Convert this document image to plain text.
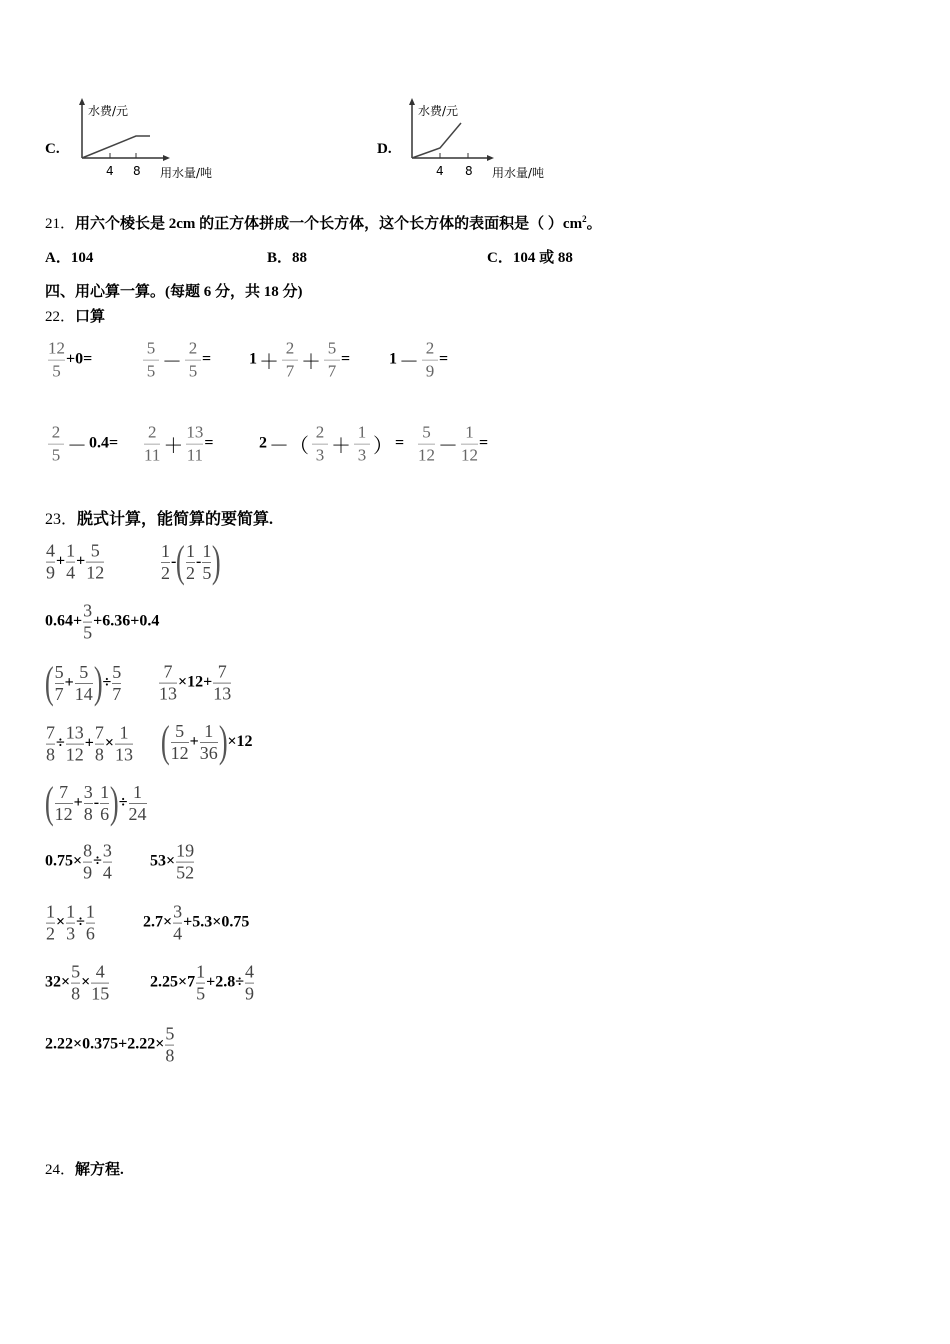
C.
水费/元
4 8 用水量/吨
D.
水费/元
4 8 用水量/吨
21．用六个棱长是 2cm 的正方体拼成一个长方体，这个长方体的表面积是（ ）$cm^2$。
A．104	B．88	C．104 或 88
四、用心算一算。(每题 6 分，共 18 分)
22．口算
23．脱式计算，能简算的要简算.
24．解方程.
$\frac{12}{5} +0=$	$\frac{5}{5} - \frac{2}{5} = 1 + \frac{2}{7} + \frac{5}{7} = 1 - \frac{2}{9}$ =
$\frac{2}{5} - 0.4= \frac{2}{11} + \frac{13}{11}$ =	2 －（ $\frac{2}{3} + \frac{1}{3}$ ） = $\frac{5}{12} - \frac{1}{12}$ =
$\frac{4}{9} + \frac{1}{4} + \frac{5}{12}$	$\frac{1}{2}$ - ( $\frac{1}{2} - \frac{1}{5}$ )
$0.64+ \frac{3}{5} +6.36+0.4$
( $\frac{5}{7} + \frac{5}{14}$ ) ÷ $\frac{5}{7} \frac{7}{13} \times 12+ \frac{7}{13}$
$\frac{7}{8} \div \frac{13}{12} + \frac{7}{8} \times \frac{1}{13}$ ( $\frac{5}{12} + \frac{1}{36}$ ) ×12
( $\frac{7}{12} + \frac{3}{8} - \frac{1}{6}$ ) ÷ $\frac{1}{24}$
$0.75\times \frac{8}{9} \div \frac{3}{4} 53\times \frac{19}{52}$
$\frac{1}{2} \times \frac{1}{3} \div \frac{1}{6}$	$2.7\times \frac{3}{4} +5.3\times 0.75$
$32\times \frac{5}{8} \times \frac{4}{15}$	$2.25\times 7 \frac{1}{5} +2.8\div \frac{4}{9}$
$2.22\times 0.375+2.22\times \frac{5}{8}$
